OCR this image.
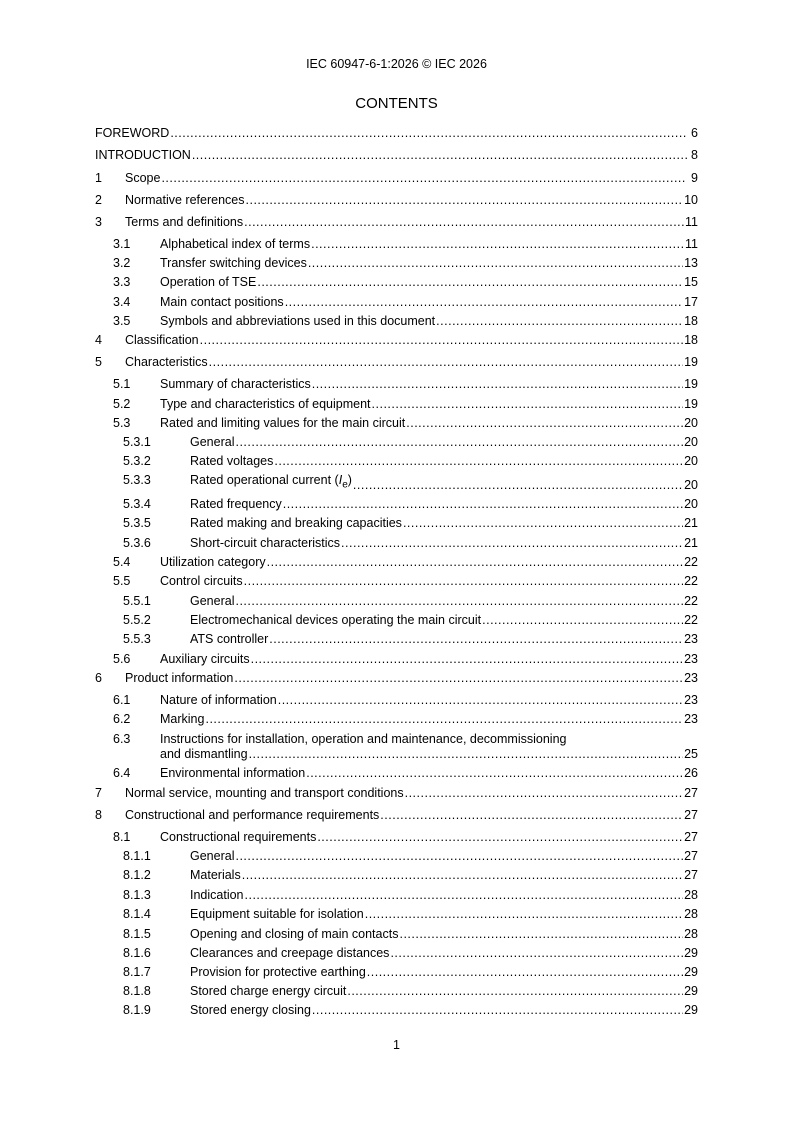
IEC 60947-6-1:2026 © IEC 2026
CONTENTS
FOREWORD .....	6
INTRODUCTION .....	8
1 Scope .....	9
2 Normative references .....	10
3 Terms and definitions .....	11
3.1 Alphabetical index of terms .....	11
3.2 Transfer switching devices .....	13
3.3 Operation of TSE .....	15
3.4 Main contact positions .....	17
3.5 Symbols and abbreviations used in this document .....	18
4 Classification .....	18
5 Characteristics .....	19
5.1 Summary of characteristics .....	19
5.2 Type and characteristics of equipment .....	19
5.3 Rated and limiting values for the main circuit .....	20
5.3.1	General .....	20
5.3.2	Rated voltages .....	20
5.3.3	Rated operational current $(I_e)$ .....	20
5.3.4	Rated frequency .....	20
5.3.5	Rated making and breaking capacities .....	21
5.3.6	Short-circuit characteristics .....	21
5.4 Utilization category .....	22
5.5 Control circuits .....	22
5.5.1	General .....	22
5.5.2	Electromechanical devices operating the main circuit .....	22
5.5.3	ATS controller .....	23
5.6 Auxiliary circuits .....	23
6 Product information .....	23
6.1 Nature of information .....	23
6.2 Marking .....	23
6.3 Instructions for installation, operation and maintenance, decommissioning
and dismantling .....	25
6.4 Environmental information .....	26
7 Normal service, mounting and transport conditions .....	27
8 Constructional and performance requirements .....	27
8.1 Constructional requirements .....	27
8.1.1	General .....	27
8.1.2	Materials .....	27
8.1.3	Indication .....	28
8.1.4	Equipment suitable for isolation .....	28
8.1.5	Opening and closing of main contacts .....	28
8.1.6	Clearances and creepage distances .....	29
8.1.7	Provision for protective earthing .....	29
8.1.8	Stored charge energy circuit .....	29
8.1.9	Stored energy closing .....	29
1
